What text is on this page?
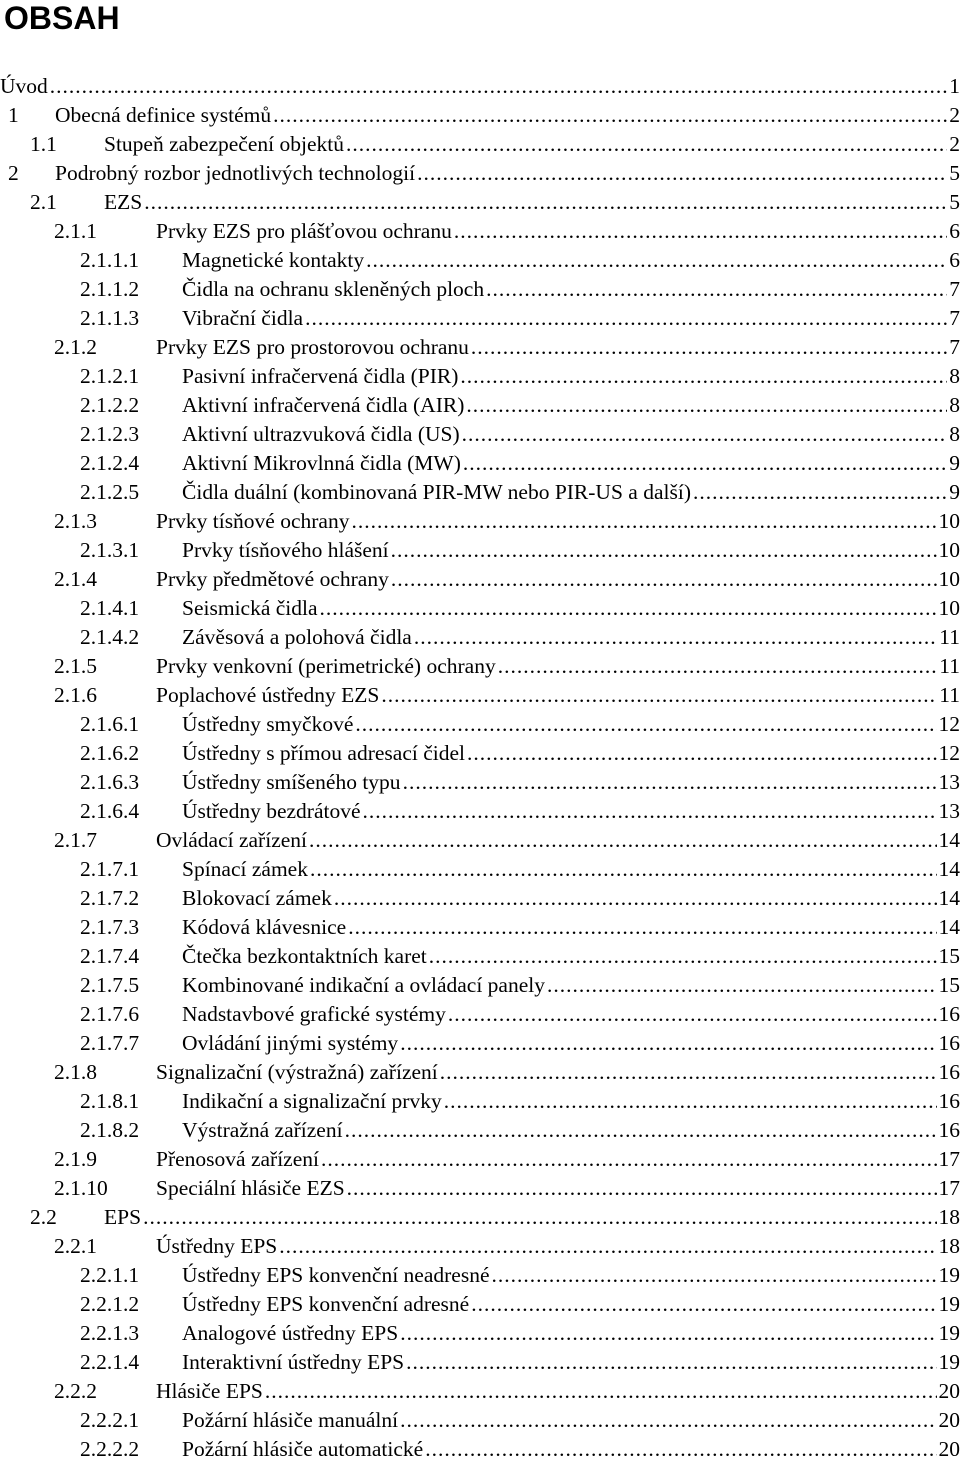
OBSAH
Úvod .....	1
1	Obecná definice systémů .....	2
1.1	Stupeň zabezpečení objektů .....	2
2	Podrobný rozbor jednotlivých technologií .....	5
2.1	EZS .....	5
2.1.1	Prvky EZS pro plášťovou ochranu .....	6
2.1.1.1	Magnetické kontakty .....	6
2.1.1.2	Čidla na ochranu skleněných ploch .....	7
2.1.1.3	Vibrační čidla .....	7
2.1.2	Prvky EZS pro prostorovou ochranu .....	7
2.1.2.1	Pasivní infračervená čidla (PIR) .....	8
2.1.2.2	Aktivní infračervená čidla (AIR) .....	8
2.1.2.3	Aktivní ultrazvuková čidla (US) .....	8
2.1.2.4	Aktivní Mikrovlnná čidla (MW) .....	9
2.1.2.5	Čidla duální (kombinovaná PIR-MW nebo PIR-US a další) .....	9
2.1.3	Prvky tísňové ochrany .....	10
2.1.3.1	Prvky tísňového hlášení .....	10
2.1.4	Prvky předmětové ochrany .....	10
2.1.4.1	Seismická čidla .....	10
2.1.4.2	Závěsová a polohová čidla .....	11
2.1.5	Prvky venkovní (perimetrické) ochrany .....	11
2.1.6	Poplachové ústředny EZS .....	11
2.1.6.1	Ústředny smyčkové .....	12
2.1.6.2	Ústředny s přímou adresací čidel .....	12
2.1.6.3	Ústředny smíšeného typu .....	13
2.1.6.4	Ústředny bezdrátové .....	13
2.1.7	Ovládací zařízení .....	14
2.1.7.1	Spínací zámek .....	14
2.1.7.2	Blokovací zámek .....	14
2.1.7.3	Kódová klávesnice .....	14
2.1.7.4	Čtečka bezkontaktních karet .....	15
2.1.7.5	Kombinované indikační a ovládací panely .....	15
2.1.7.6	Nadstavbové grafické systémy .....	16
2.1.7.7	Ovládání jinými systémy .....	16
2.1.8	Signalizační (výstražná) zařízení .....	16
2.1.8.1	Indikační a signalizační prvky .....	16
2.1.8.2	Výstražná zařízení .....	16
2.1.9	Přenosová zařízení .....	17
2.1.10	Speciální hlásiče EZS .....	17
2.2	EPS .....	18
2.2.1	Ústředny EPS .....	18
2.2.1.1	Ústředny EPS konvenční neadresné .....	19
2.2.1.2	Ústředny EPS konvenční adresné .....	19
2.2.1.3	Analogové ústředny EPS .....	19
2.2.1.4	Interaktivní ústředny EPS .....	19
2.2.2	Hlásiče EPS .....	20
2.2.2.1	Požární hlásiče manuální .....	20
2.2.2.2	Požární hlásiče automatické .....	20
